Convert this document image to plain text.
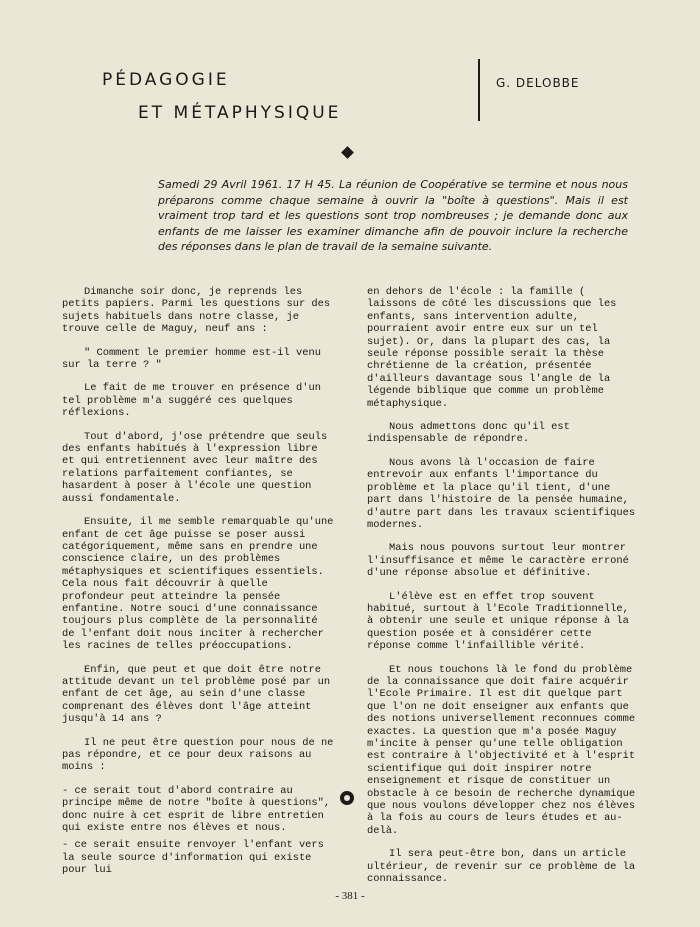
PÉDAGOGIE
ET MÉTAPHYSIQUE
G. DELOBBE

Samedi 29 Avril 1961. 17 H 45. La réunion de Coopérative se termine et nous nous préparons comme chaque semaine à ouvrir la "boîte à questions". Mais il est vraiment trop tard et les questions sont trop nombreuses ; je demande donc aux enfants de me laisser les examiner dimanche afin de pouvoir inclure la recherche des réponses dans le plan de travail de la semaine suivante.

Dimanche soir donc, je reprends les petits papiers. Parmi les questions sur des sujets habituels dans notre classe, je trouve celle de Maguy, neuf ans :

" Comment le premier homme est-il venu sur la terre ? "

Le fait de me trouver en présence d'un tel problème m'a suggéré ces quelques réflexions.

Tout d'abord, j'ose prétendre que seuls des enfants habitués à l'expression libre et qui entretiennent avec leur maître des relations parfaitement confiantes, se hasardent à poser à l'école une question aussi fondamentale.

Ensuite, il me semble remarquable qu'une enfant de cet âge puisse se poser aussi catégoriquement, même sans en prendre une conscience claire, un des problèmes métaphysiques et scientifiques essentiels. Cela nous fait découvrir à quelle profondeur peut atteindre la pensée enfantine. Notre souci d'une connaissance toujours plus complète de la personnalité de l'enfant doit nous inciter à rechercher les racines de telles préoccupations.

Enfin, que peut et que doit être notre attitude devant un tel problème posé par un enfant de cet âge, au sein d'une classe comprenant des élèves dont l'âge atteint jusqu'à 14 ans ?

Il ne peut être question pour nous de ne pas répondre, et ce pour deux raisons au moins :

- ce serait tout d'abord contraire au principe même de notre "boîte à questions", donc nuire à cet esprit de libre entretien qui existe entre nos élèves et nous.

- ce serait ensuite renvoyer l'enfant vers la seule source d'information qui existe pour lui

en dehors de l'école : la famille ( laissons de côté les discussions que les enfants, sans intervention adulte, pourraient avoir entre eux sur un tel sujet). Or, dans la plupart des cas, la seule réponse possible serait la thèse chrétienne de la création, présentée d'ailleurs davantage sous l'angle de la légende biblique que comme un problème métaphysique.

Nous admettons donc qu'il est indispensable de répondre.

Nous avons là l'occasion de faire entrevoir aux enfants l'importance du problème et la place qu'il tient, d'une part dans l'histoire de la pensée humaine, d'autre part dans les travaux scientifiques modernes.

Mais nous pouvons surtout leur montrer l'insuffisance et même le caractère erroné d'une réponse absolue et définitive.

L'élève est en effet trop souvent habitué, surtout à l'Ecole Traditionnelle, à obtenir une seule et unique réponse à la question posée et à considérer cette réponse comme l'infaillible vérité.

Et nous touchons là le fond du problème de la connaissance que doit faire acquérir l'Ecole Primaire. Il est dit quelque part que l'on ne doit enseigner aux enfants que des notions universellement reconnues comme exactes. La question que m'a posée Maguy m'incite à penser qu'une telle obligation est contraire à l'objectivité et à l'esprit scientifique qui doit inspirer notre enseignement et risque de constituer un obstacle à ce besoin de recherche dynamique que nous voulons développer chez nos élèves à la fois au cours de leurs études et au-delà.

Il sera peut-être bon, dans un article ultérieur, de revenir sur ce problème de la connaissance.

- 381 -
